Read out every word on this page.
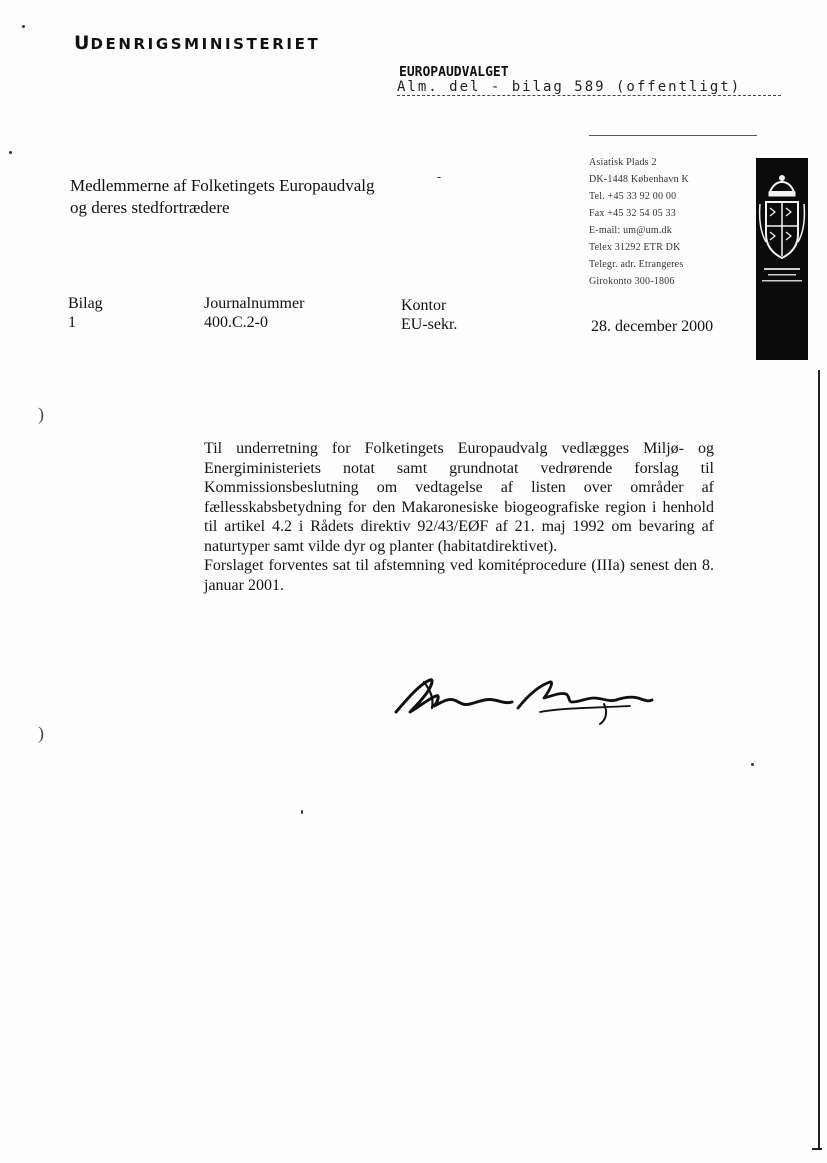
UDENRIGSMINISTERIET
EUROPAUDVALGET
Alm. del - bilag 589 (offentligt)
Medlemmerne af Folketingets Europaudvalg
og deres stedfortrædere
Asiatisk Plads 2
DK-1448 København K
Tel. +45 33 92 00 00
Fax +45 32 54 05 33
E-mail: um@um.dk
Telex 31292 ETR DK
Telegr. adr. Etrangeres
Girokonto 300-1806
Bilag
1
Journalnummer
400.C.2-0
Kontor
EU-sekr.	28. december 2000

Til underretning for Folketingets Europaudvalg vedlægges Miljø- og Energiministeriets notat samt grundnotat vedrørende forslag til Kommissionsbeslutning om vedtagelse af listen over områder af fællesskabsbetydning for den Makaronesiske biogeografiske region i henhold til artikel 4.2 i Rådets direktiv 92/43/EØF af 21. maj 1992 om bevaring af naturtyper samt vilde dyr og planter (habitatdirektivet).

Forslaget forventes sat til afstemning ved komitéprocedure (IIIa) senest den 8. januar 2001.

)
)
